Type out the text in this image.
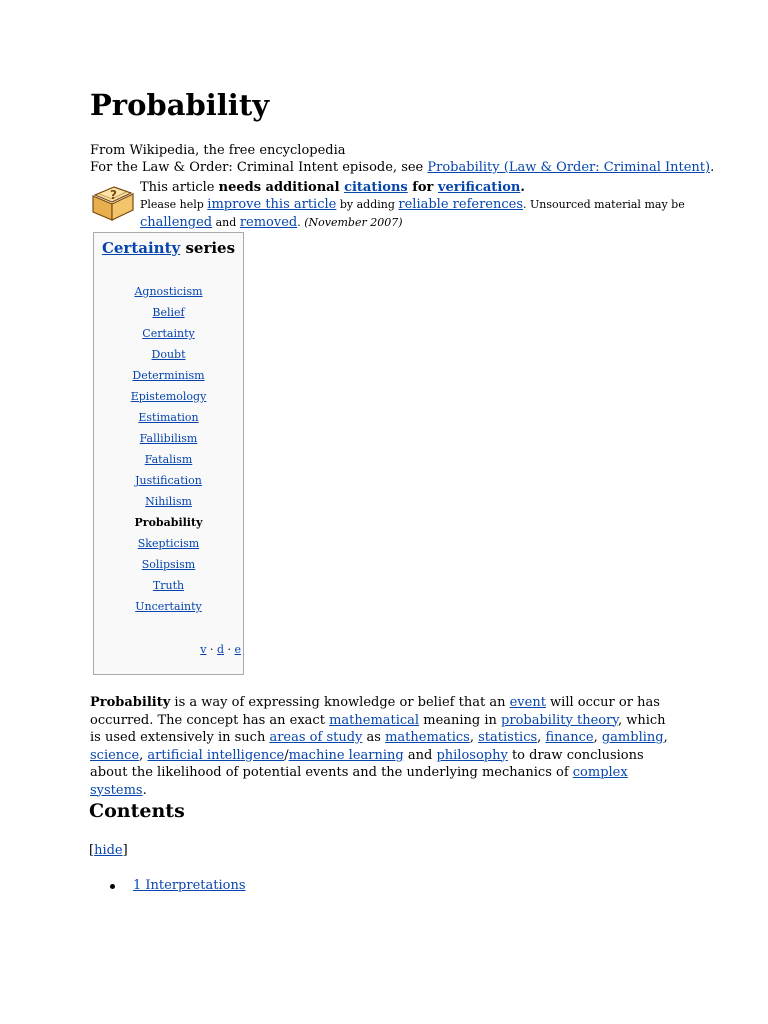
Probability
From Wikipedia, the free encyclopedia
For the Law & Order: Criminal Intent episode, see Probability (Law & Order: Criminal Intent).
? This article needs additional citations for verification.
Please help improve this article by adding reliable references. Unsourced material may be
challenged and removed. (November 2007)
Certainty series
Agnosticism
Belief
Certainty
Doubt
Determinism
Epistemology
Estimation
Fallibilism
Fatalism
Justification
Nihilism
Probability
Skepticism
Solipsism
Truth
Uncertainty
v · d · e
Probability is a way of expressing knowledge or belief that an event will occur or has occurred. The concept has an exact mathematical meaning in probability theory, which is used extensively in such areas of study as mathematics, statistics, finance, gambling, science, artificial intelligence/machine learning and philosophy to draw conclusions about the likelihood of potential events and the underlying mechanics of complex systems.
Contents
[hide]
1 Interpretations
